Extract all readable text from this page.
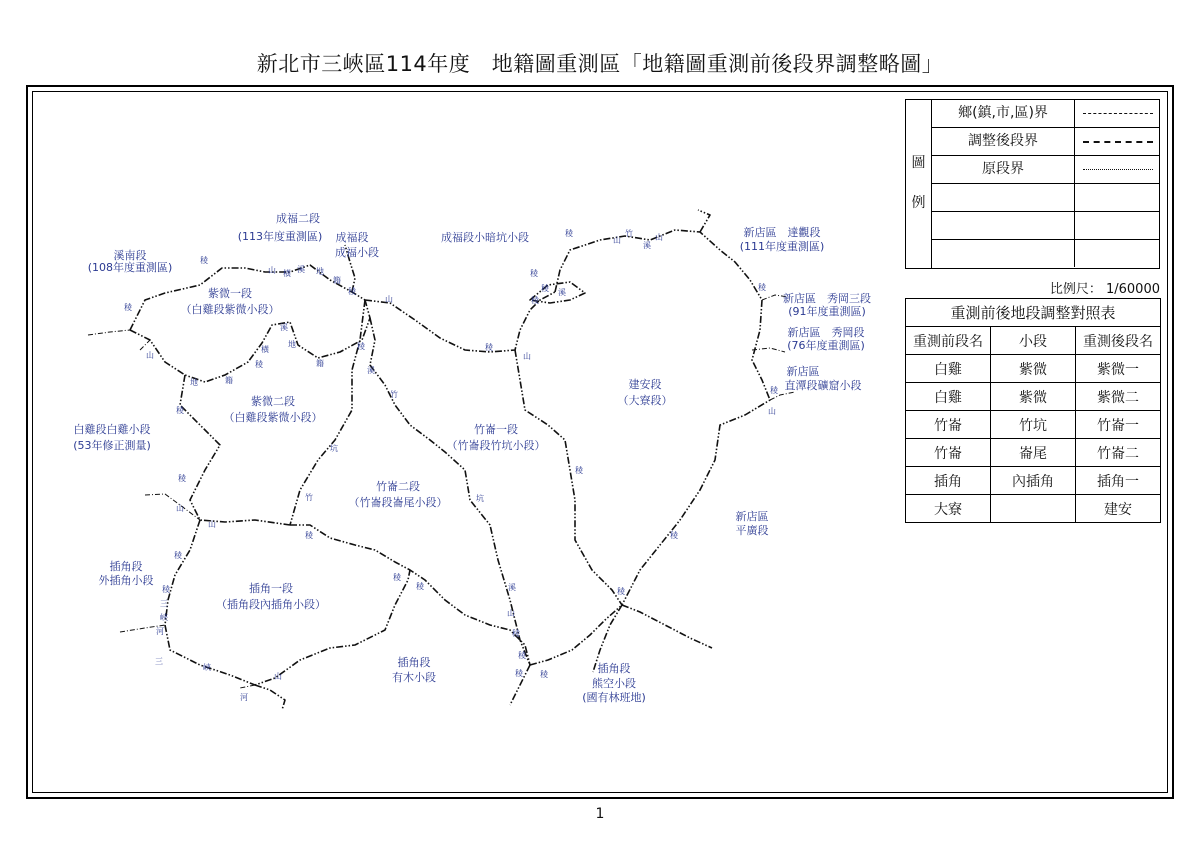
新北市三峽區114年度　地籍圖重測區「地籍圖重測前後段界調整略圖」
成福二段
(113年度重測區) 成福段
成福小段
成福段小暗坑小段
溪南段
(108年度重測區)
紫微一段
（白雞段紫微小段）
紫微二段
（白雞段紫微小段）
白雞段白雞小段
(53年修正測量)
竹崙一段
（竹崙段竹坑小段）
竹崙二段
（竹崙段崙尾小段）
建安段
（大寮段）
插角一段
（插角段內插角小段）
插角段
外插角小段
插角段
有木小段
插角段
熊空小段
(國有林班地)
新店區　達觀段
(111年度重測區)
新店區　秀岡三段
(91年度重測區)
新店區　秀岡段
(76年度重測區)
新店區
直潭段礦窟小段
新店區
平廣段
稜
山 橫 溪 地
籍
稜
山
稜
山
地	籍
稜
橫
溪
地
籍
稜
溪
竹
稜
稜
山
山
坑
竹	坑
稜
稜
稜
三
峽
河
三
峽
河
山
稜
稜	溪
山
稜
稜
稜 稜
稜
稜
稜
稜
山
稜
稜
稜
溪
稜
山
竹
溪
山
稜
稜
山
圖
例
鄉(鎮,市,區)界
調整後段界
原段界
比例尺： 1/60000
重測前後地段調整對照表		
重測前段名	小段	重測後段名
白雞	紫微	紫微一
白雞	紫微	紫微二
竹崙	竹坑	竹崙一
竹崙	崙尾	竹崙二
插角	內插角	插角一
大寮		建安
1
